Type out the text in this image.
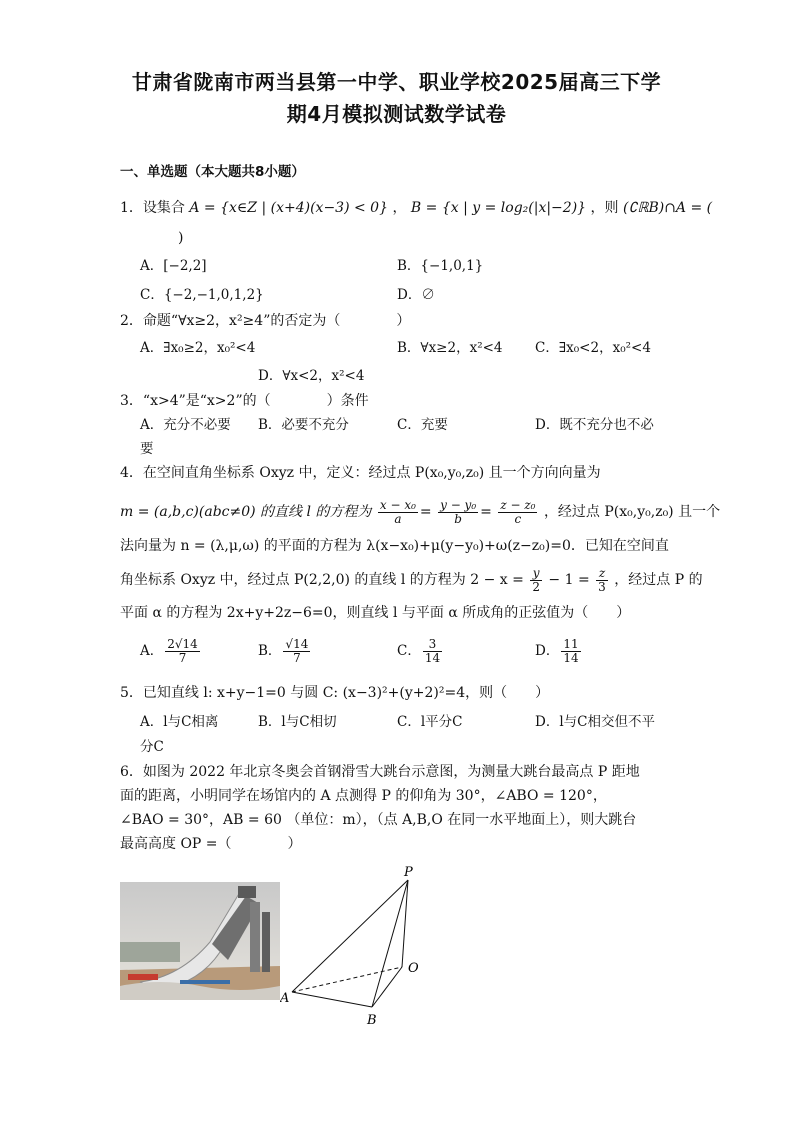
甘肃省陇南市两当县第一中学、职业学校2025届高三下学
期4月模拟测试数学试卷
一、单选题（本大题共8小题）
1．设集合 A = {x∈Z | (x+4)(x−3) < 0} ， B = {x | y = log₂(|x|−2)} ，则 (∁ℝB)∩A = (
)
A．[−2,2]	B．{−1,0,1}
C．{−2,−1,0,1,2}	D．∅
2．命题“∀x≥2，x²≥4”的否定为（　　　　）
A．∃x₀≥2，x₀²<4	B．∀x≥2，x²<4 C．∃x₀<2，x₀²<4
D．∀x<2，x²<4
3．“x>4”是“x>2”的（　　　　）条件
A．充分不必要 B．必要不充分	C．充要	D．既不充分也不必
要
4．在空间直角坐标系 Oxyz 中，定义：经过点 P(x₀,y₀,z₀) 且一个方向向量为
m = (a,b,c)(abc≠0) 的直线 l 的方程为 $\frac{\text{x − x₀}}{a} = \frac{\text{y − y₀}}{b} = \frac{\text{z − z₀}}{c}$ ，经过点 P(x₀,y₀,z₀) 且一个
法向量为 n = (λ,μ,ω) 的平面的方程为 λ(x−x₀)+μ(y−y₀)+ω(z−z₀)=0．已知在空间直
角坐标系 Oxyz 中，经过点 P(2,2,0) 的直线 l 的方程为 $2 - x = \frac{y}{2} - 1 = \frac{z}{3}$ ，经过点 P 的
平面 α 的方程为 2x+y+2z−6=0，则直线 l 与平面 α 所成角的正弦值为（　　）
A． $\frac{2√14}{7}$	B． $\frac{√14}{7}$	C． $\frac{3}{14}$	D． $\frac{11}{14}$
5．已知直线 l: x+y−1=0 与圆 C: (x−3)²+(y+2)²=4，则（　　）
A．l与C相离	B．l与C相切	C．l平分C	D．l与C相交但不平
分C
6．如图为 2022 年北京冬奥会首钢滑雪大跳台示意图，为测量大跳台最高点 P 距地
面的距离，小明同学在场馆内的 A 点测得 P 的仰角为 30°，∠ABO = 120°，
∠BAO = 30°，AB = 60 （单位：m），（点 A,B,O 在同一水平地面上），则大跳台
最高高度 OP =（　　　　）
P
O
A
B
